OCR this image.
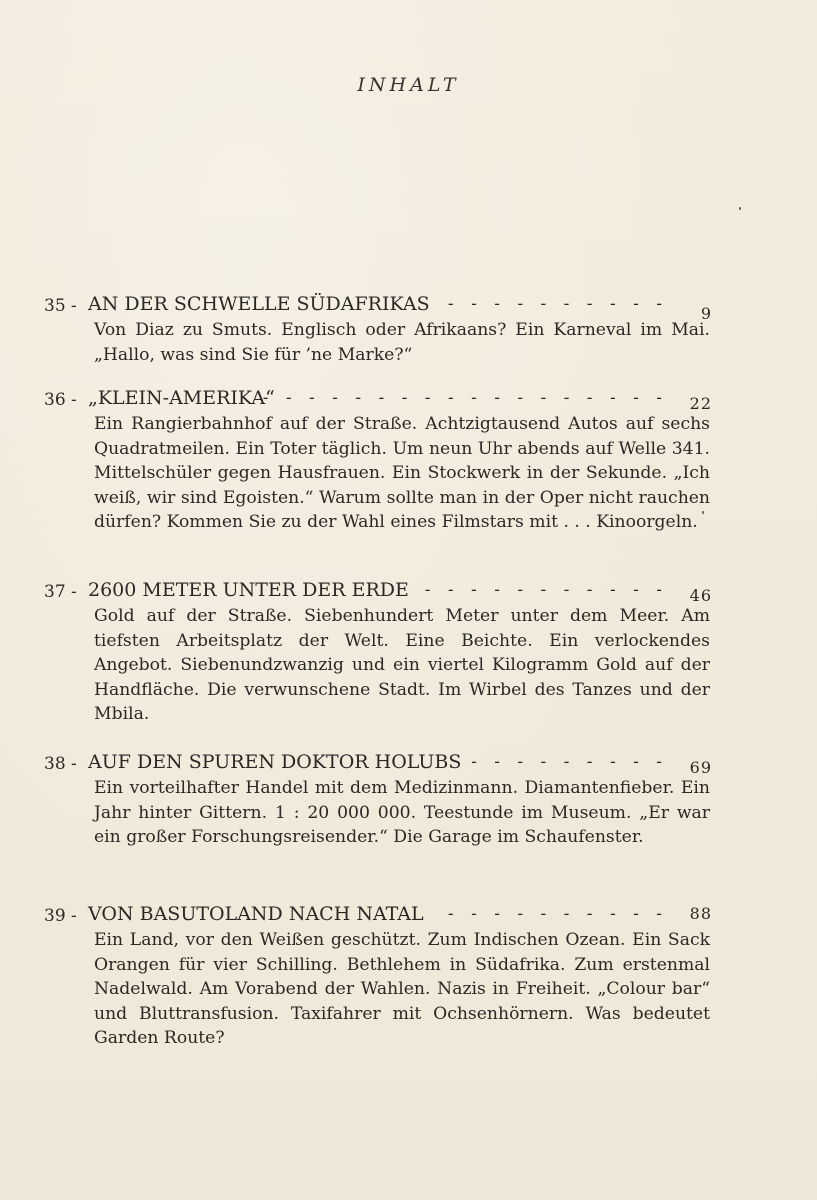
INHALT
35 - AN DER SCHWELLE SÜDAFRIKAS - - - - - - - - - - 9
Von Diaz zu Smuts. Englisch oder Afrikaans? Ein Karneval im Mai. „Hallo, was sind Sie für ’ne Marke?“
36 - „KLEIN-AMERIKA“
- - - - - - - - - - - - - - - - - - 22
Ein Rangierbahnhof auf der Straße. Achtzigtausend Autos auf sechs Quadratmeilen. Ein Toter täglich. Um neun Uhr abends auf Welle 341. Mittelschüler gegen Hausfrauen. Ein Stockwerk in der Sekunde. „Ich weiß, wir sind Egoisten.“ Warum sollte man in der Oper nicht rauchen dürfen? Kommen Sie zu der Wahl eines Filmstars mit . . . Kinoorgeln.
37 - 2600 METER UNTER DER ERDE - - - - - - - - - - - 46
Gold auf der Straße. Siebenhundert Meter unter dem Meer. Am tiefsten Arbeitsplatz der Welt. Eine Beichte. Ein verlockendes Angebot. Siebenundzwanzig und ein viertel Kilogramm Gold auf der Handfläche. Die verwunschene Stadt. Im Wirbel des Tanzes und der Mbila.
38 - AUF DEN SPUREN DOKTOR HOLUBS - - - - - - - - - 69
Ein vorteilhafter Handel mit dem Medizinmann. Diamantenfieber. Ein Jahr hinter Gittern. 1 : 20 000 000. Teestunde im Museum. „Er war ein großer Forschungsreisender.“ Die Garage im Schaufenster.
39 - VON BASUTOLAND NACH NATAL - - - - - - - - - - 88
Ein Land, vor den Weißen geschützt. Zum Indischen Ozean. Ein Sack Orangen für vier Schilling. Bethlehem in Südafrika. Zum erstenmal Nadelwald. Am Vorabend der Wahlen. Nazis in Freiheit. „Colour bar“ und Bluttransfusion. Taxifahrer mit Ochsenhörnern. Was bedeutet Garden Route?
